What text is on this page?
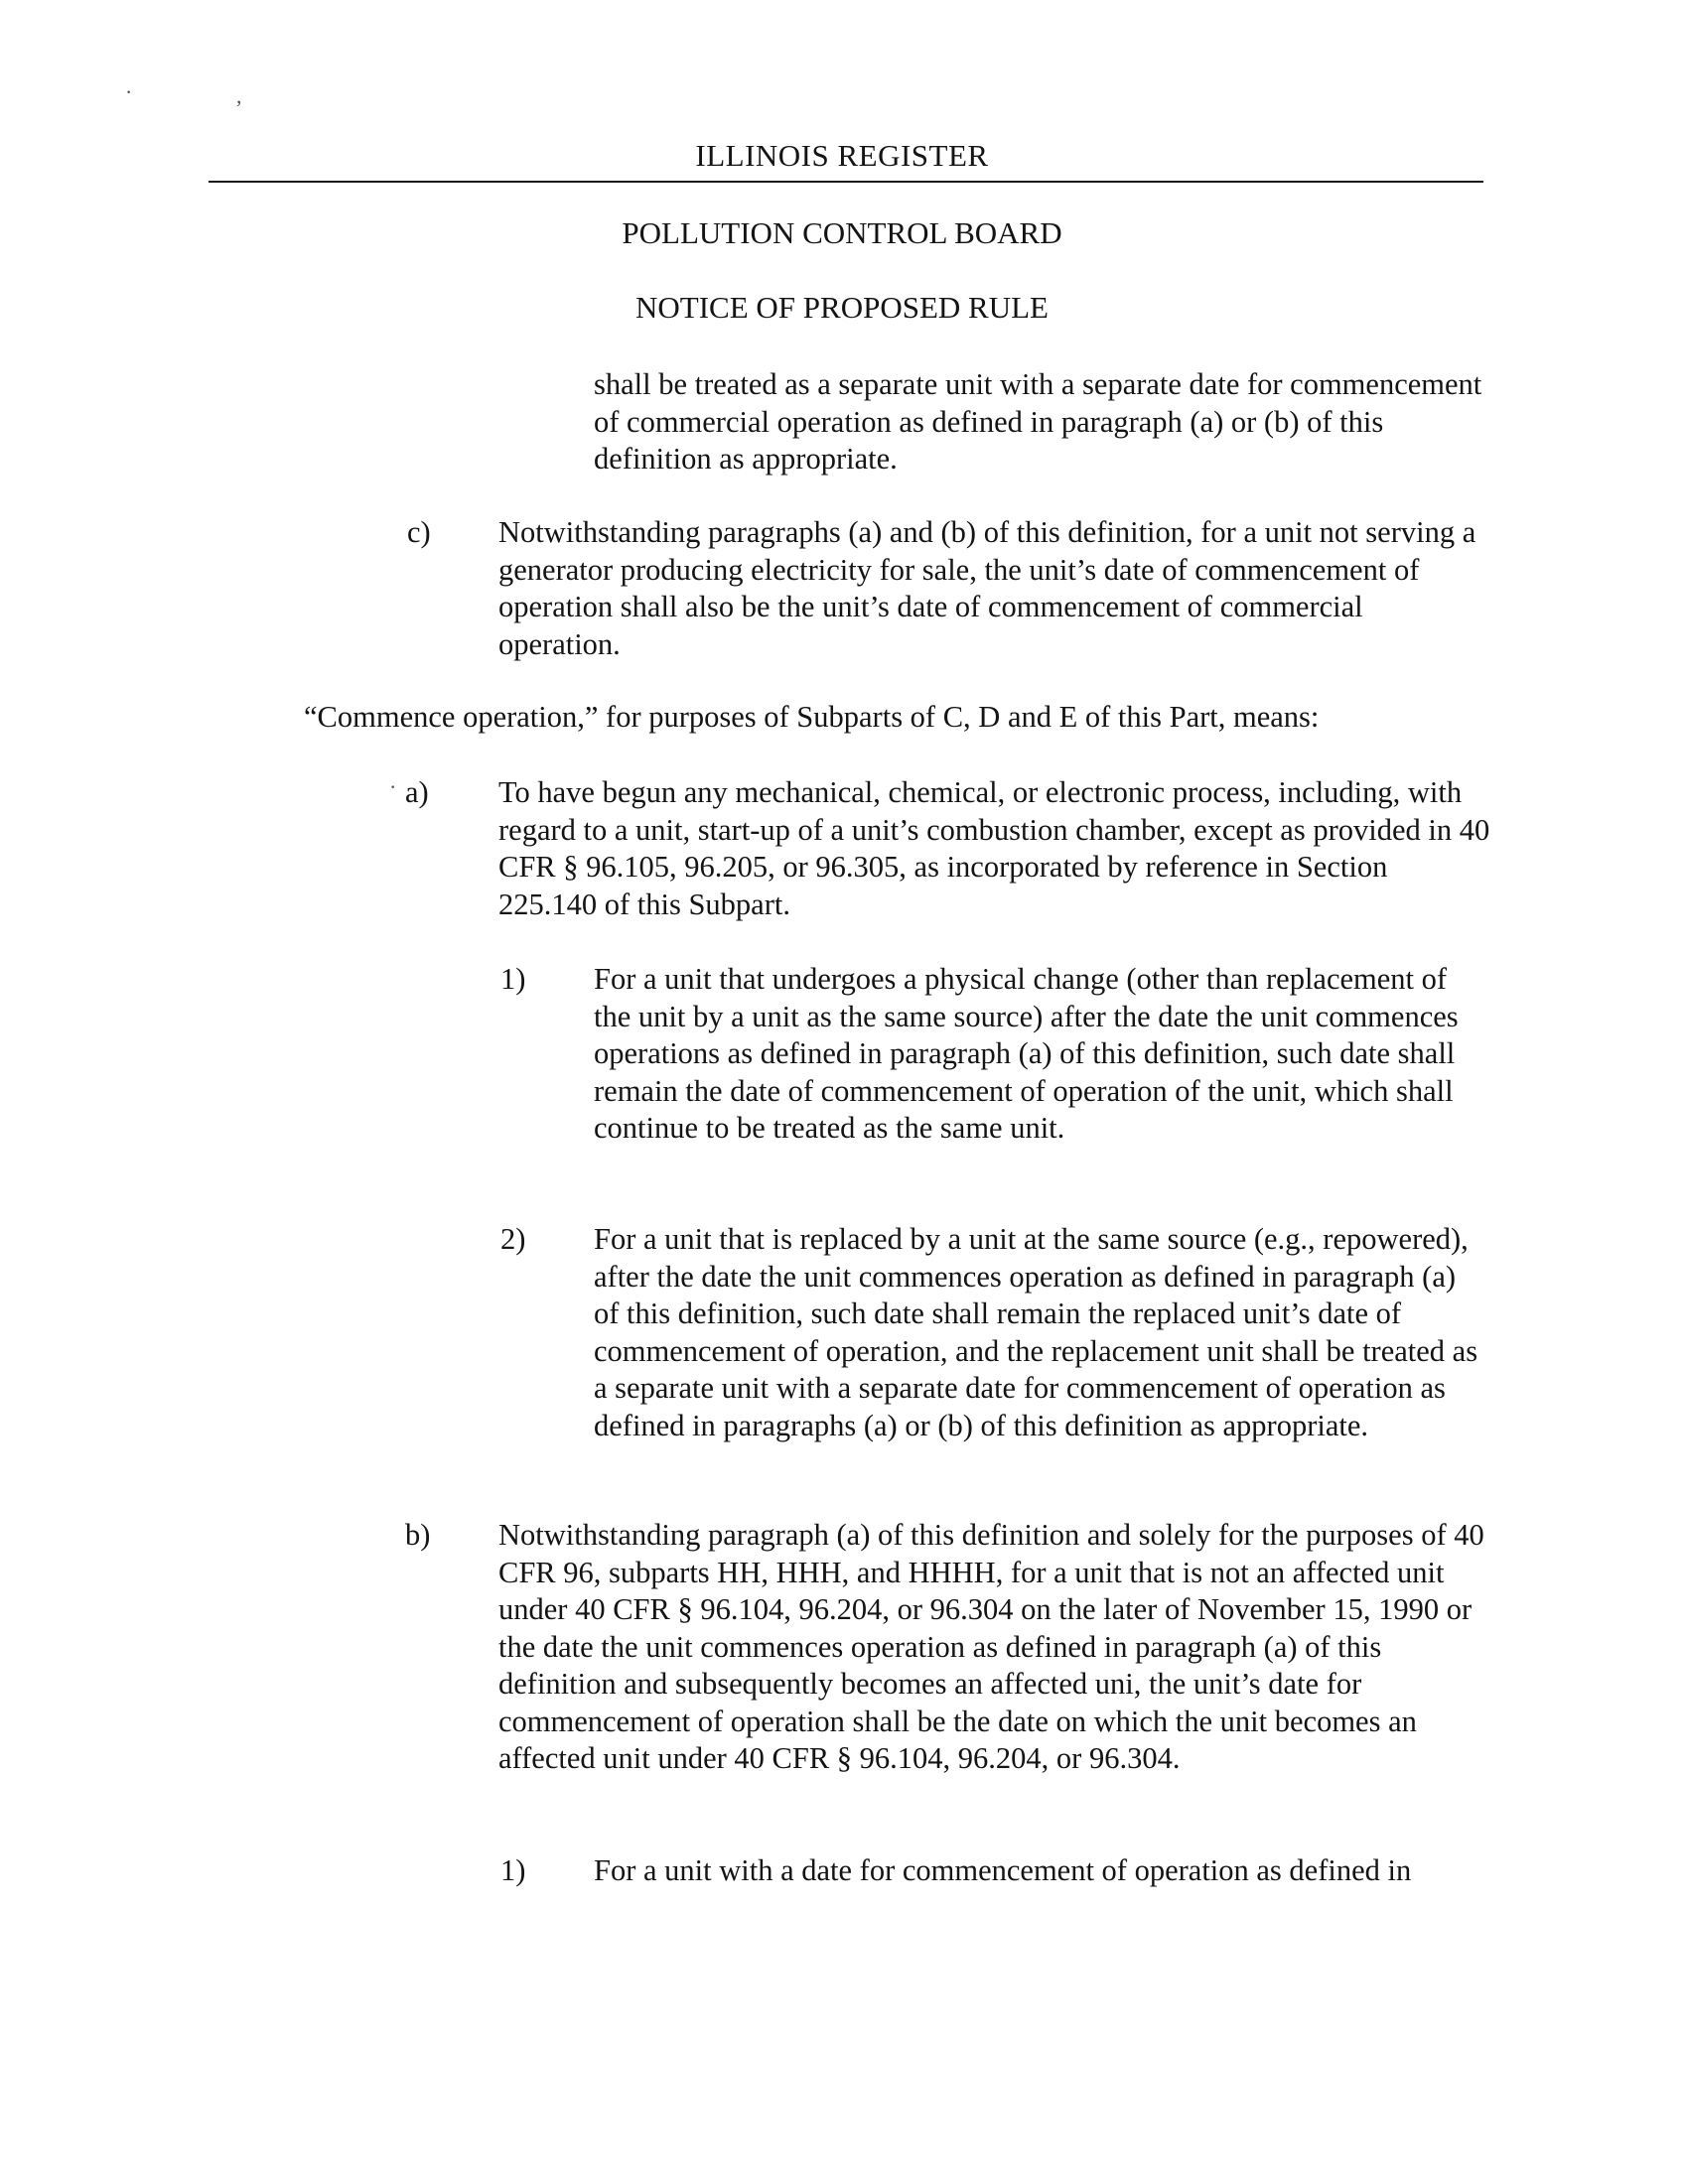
·	,
ILLINOIS REGISTER
POLLUTION CONTROL BOARD
NOTICE OF PROPOSED RULE

shall be treated as a separate unit with a separate date for commencement of commercial operation as defined in paragraph (a) or (b) of this definition as appropriate.

c) Notwithstanding paragraphs (a) and (b) of this definition, for a unit not serving a generator producing electricity for sale, the unit’s date of commencement of operation shall also be the unit’s date of commencement of commercial operation.

“Commence operation,” for purposes of Subparts of C, D and E of this Part, means:

· a) To have begun any mechanical, chemical, or electronic process, including, with regard to a unit, start-up of a unit’s combustion chamber, except as provided in 40 CFR § 96.105, 96.205, or 96.305, as incorporated by reference in Section 225.140 of this Subpart.

1) For a unit that undergoes a physical change (other than replacement of the unit by a unit as the same source) after the date the unit commences operations as defined in paragraph (a) of this definition, such date shall remain the date of commencement of operation of the unit, which shall continue to be treated as the same unit.

2) For a unit that is replaced by a unit at the same source (e.g., repowered), after the date the unit commences operation as defined in paragraph (a) of this definition, such date shall remain the replaced unit’s date of commencement of operation, and the replacement unit shall be treated as a separate unit with a separate date for commencement of operation as defined in paragraphs (a) or (b) of this definition as appropriate.

b) Notwithstanding paragraph (a) of this definition and solely for the purposes of 40 CFR 96, subparts HH, HHH, and HHHH, for a unit that is not an affected unit under 40 CFR § 96.104, 96.204, or 96.304 on the later of November 15, 1990 or the date the unit commences operation as defined in paragraph (a) of this definition and subsequently becomes an affected uni, the unit’s date for commencement of operation shall be the date on which the unit becomes an affected unit under 40 CFR § 96.104, 96.204, or 96.304.

1) For a unit with a date for commencement of operation as defined in
